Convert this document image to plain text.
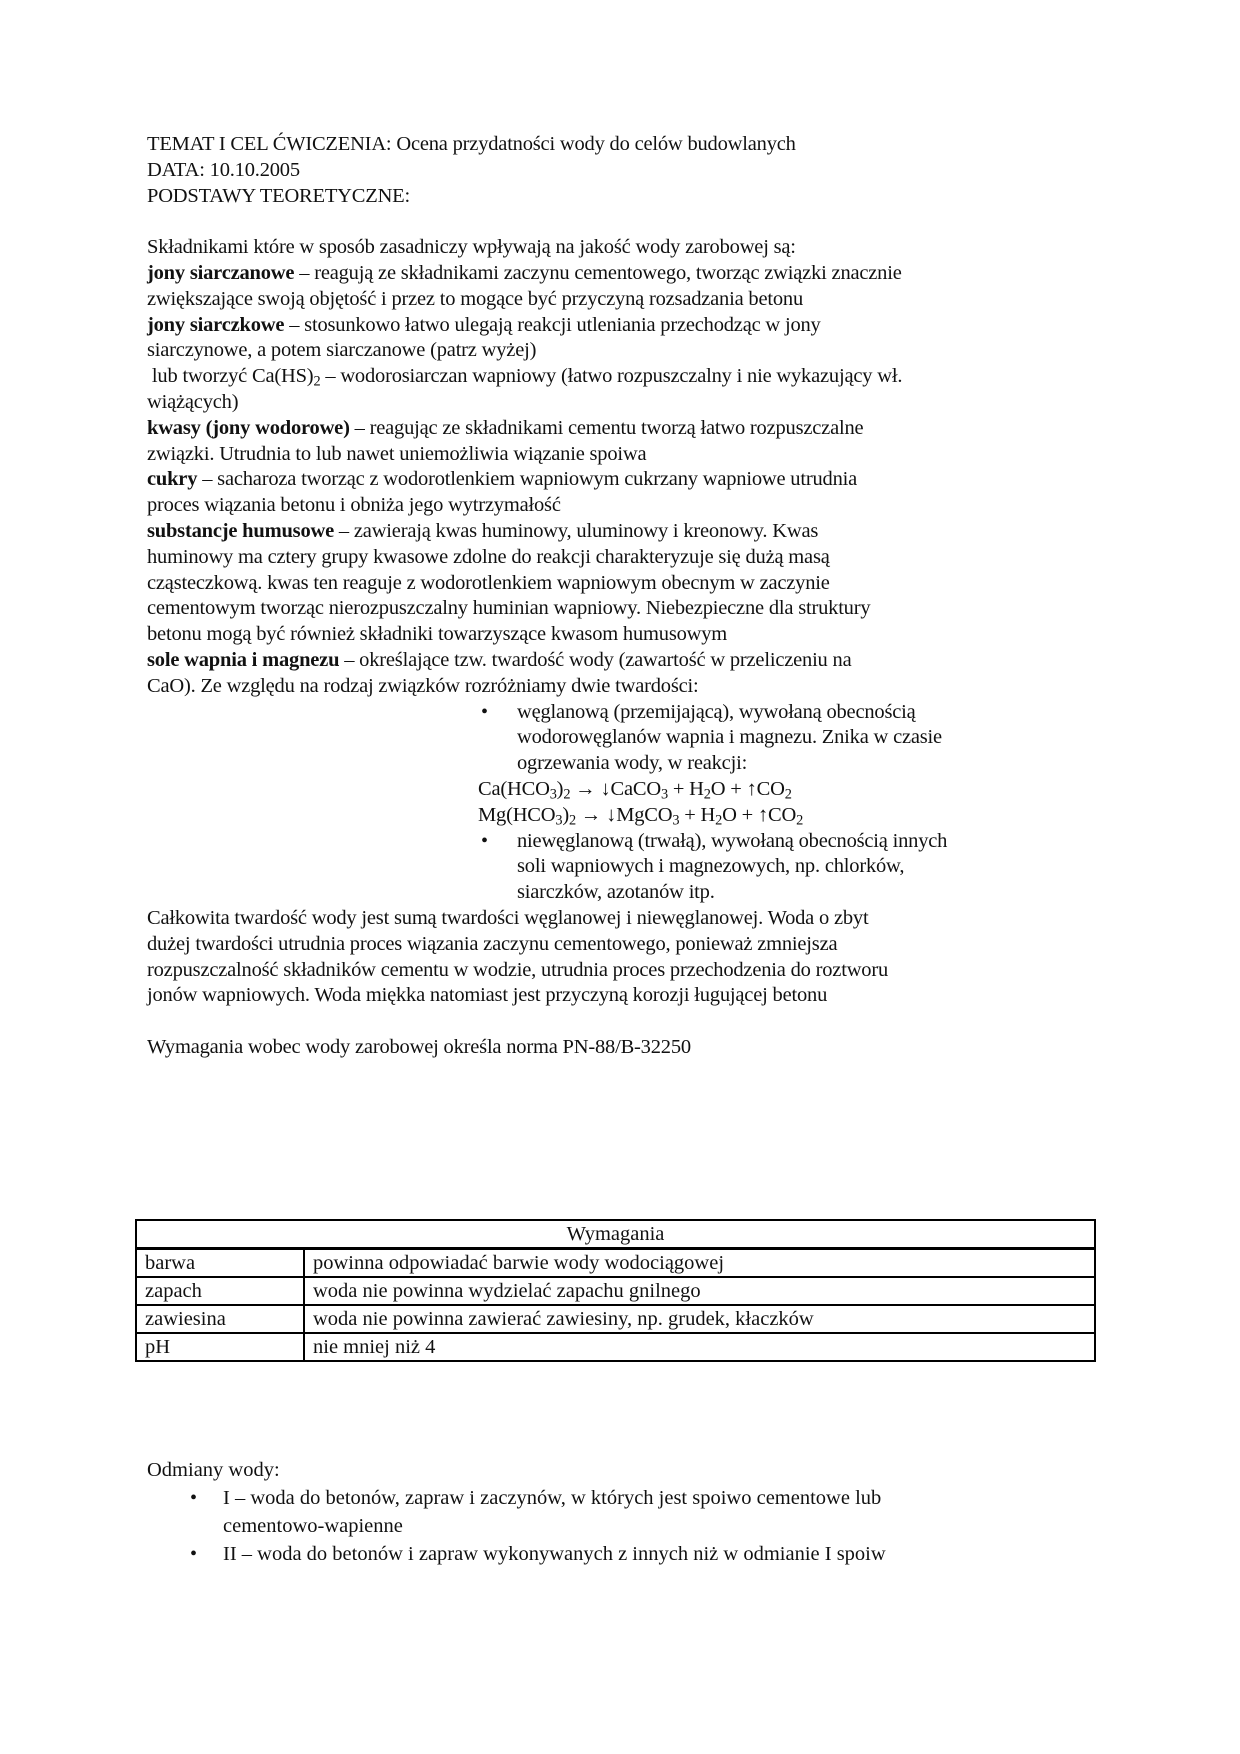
TEMAT I CEL ĆWICZENIA: Ocena przydatności wody do celów budowlanych
DATA: 10.10.2005
PODSTAWY TEORETYCZNE:
Składnikami które w sposób zasadniczy wpływają na jakość wody zarobowej są:
jony siarczanowe – reagują ze składnikami zaczynu cementowego, tworząc związki znacznie
zwiększające swoją objętość i przez to mogące być przyczyną rozsadzania betonu
jony siarczkowe – stosunkowo łatwo ulegają reakcji utleniania przechodząc w jony
siarczynowe, a potem siarczanowe (patrz wyżej)
lub tworzyć $Ca(HS)_2$ – wodorosiarczan wapniowy (łatwo rozpuszczalny i nie wykazujący wł.
wiążących)
kwasy (jony wodorowe) – reagując ze składnikami cementu tworzą łatwo rozpuszczalne
związki. Utrudnia to lub nawet uniemożliwia wiązanie spoiwa
cukry – sacharoza tworząc z wodorotlenkiem wapniowym cukrzany wapniowe utrudnia
proces wiązania betonu i obniża jego wytrzymałość
substancje humusowe – zawierają kwas huminowy, uluminowy i kreonowy. Kwas
huminowy ma cztery grupy kwasowe zdolne do reakcji charakteryzuje się dużą masą
cząsteczkową. kwas ten reaguje z wodorotlenkiem wapniowym obecnym w zaczynie
cementowym tworząc nierozpuszczalny huminian wapniowy. Niebezpieczne dla struktury
betonu mogą być również składniki towarzyszące kwasom humusowym
sole wapnia i magnezu – określające tzw. twardość wody (zawartość w przeliczeniu na
CaO). Ze względu na rodzaj związków rozróżniamy dwie twardości:
• węglanową (przemijającą), wywołaną obecnością
wodorowęglanów wapnia i magnezu. Znika w czasie
ogrzewania wody, w reakcji:
$Ca(HCO_3)_2$ → ↓CaCO$_3$ + $H_2O$ + $↑CO_2$
$Mg(HCO_3)_2$ → ↓MgCO$_3$ + $H_2O$ + $↑CO_2$
• niewęglanową (trwałą), wywołaną obecnością innych
soli wapniowych i magnezowych, np. chlorków,
siarczków, azotanów itp.
Całkowita twardość wody jest sumą twardości węglanowej i niewęglanowej. Woda o zbyt
dużej twardości utrudnia proces wiązania zaczynu cementowego, ponieważ zmniejsza
rozpuszczalność składników cementu w wodzie, utrudnia proces przechodzenia do roztworu
jonów wapniowych. Woda miękka natomiast jest przyczyną korozji ługującej betonu
Wymagania wobec wody zarobowej określa norma PN-88/B-32250
Wymagania	
barwa	powinna odpowiadać barwie wody wodociągowej
zapach	woda nie powinna wydzielać zapachu gnilnego
zawiesina	woda nie powinna zawierać zawiesiny, np. grudek, kłaczków
pH	nie mniej niż 4
Odmiany wody:
• I – woda do betonów, zapraw i zaczynów, w których jest spoiwo cementowe lub
cementowo-wapienne
• II – woda do betonów i zapraw wykonywanych z innych niż w odmianie I spoiw
